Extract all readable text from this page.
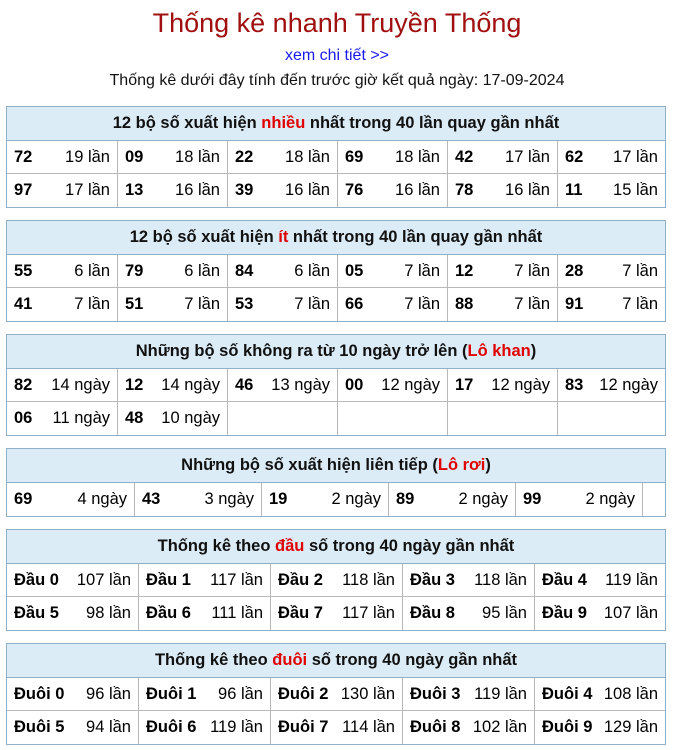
Thống kê nhanh Truyền Thống
xem chi tiết >>
Thống kê dưới đây tính đến trước giờ kết quả ngày: 17-09-2024
12 bộ số xuất hiện nhiều nhất trong 40 lần quay gần nhất
72 19 lần 09 18 lần 22 18 lần 69 18 lần 42 17 lần 62 17 lần
97 17 lần 13 16 lần 39 16 lần 76 16 lần 78 16 lần 11 15 lần
12 bộ số xuất hiện ít nhất trong 40 lần quay gần nhất
55	6 lần 79 6 lần 84 6 lần 05 7 lần 12 7 lần 28 7 lần
41	7 lần 51 7 lần 53 7 lần 66 7 lần 88 7 lần 91 7 lần
Những bộ số không ra từ 10 ngày trở lên (Lô khan)
82 14 ngày 12 14 ngày 46 13 ngày 00 12 ngày 17 12 ngày 83 12 ngày
06 11 ngày 48 10 ngày
Những bộ số xuất hiện liên tiếp (Lô rơi)
69	4 ngày 43	3 ngày 19	2 ngày 89	2 ngày 99	2 ngày
Thống kê theo đầu số trong 40 ngày gần nhất
Đầu 0 107 lần Đầu 1 117 lần Đầu 2 118 lần Đầu 3 118 lần Đầu 4 119 lần
Đầu 5 98 lần Đầu 6 111 lần Đầu 7 117 lần Đầu 8 95 lần Đầu 9 107 lần
Thống kê theo đuôi số trong 40 ngày gần nhất
Đuôi 0 96 lần Đuôi 1 96 lần Đuôi 2 130 lần Đuôi 3 119 lần Đuôi 4 108 lần
Đuôi 5 94 lần Đuôi 6 119 lần Đuôi 7 114 lần Đuôi 8 102 lần Đuôi 9 129 lần
